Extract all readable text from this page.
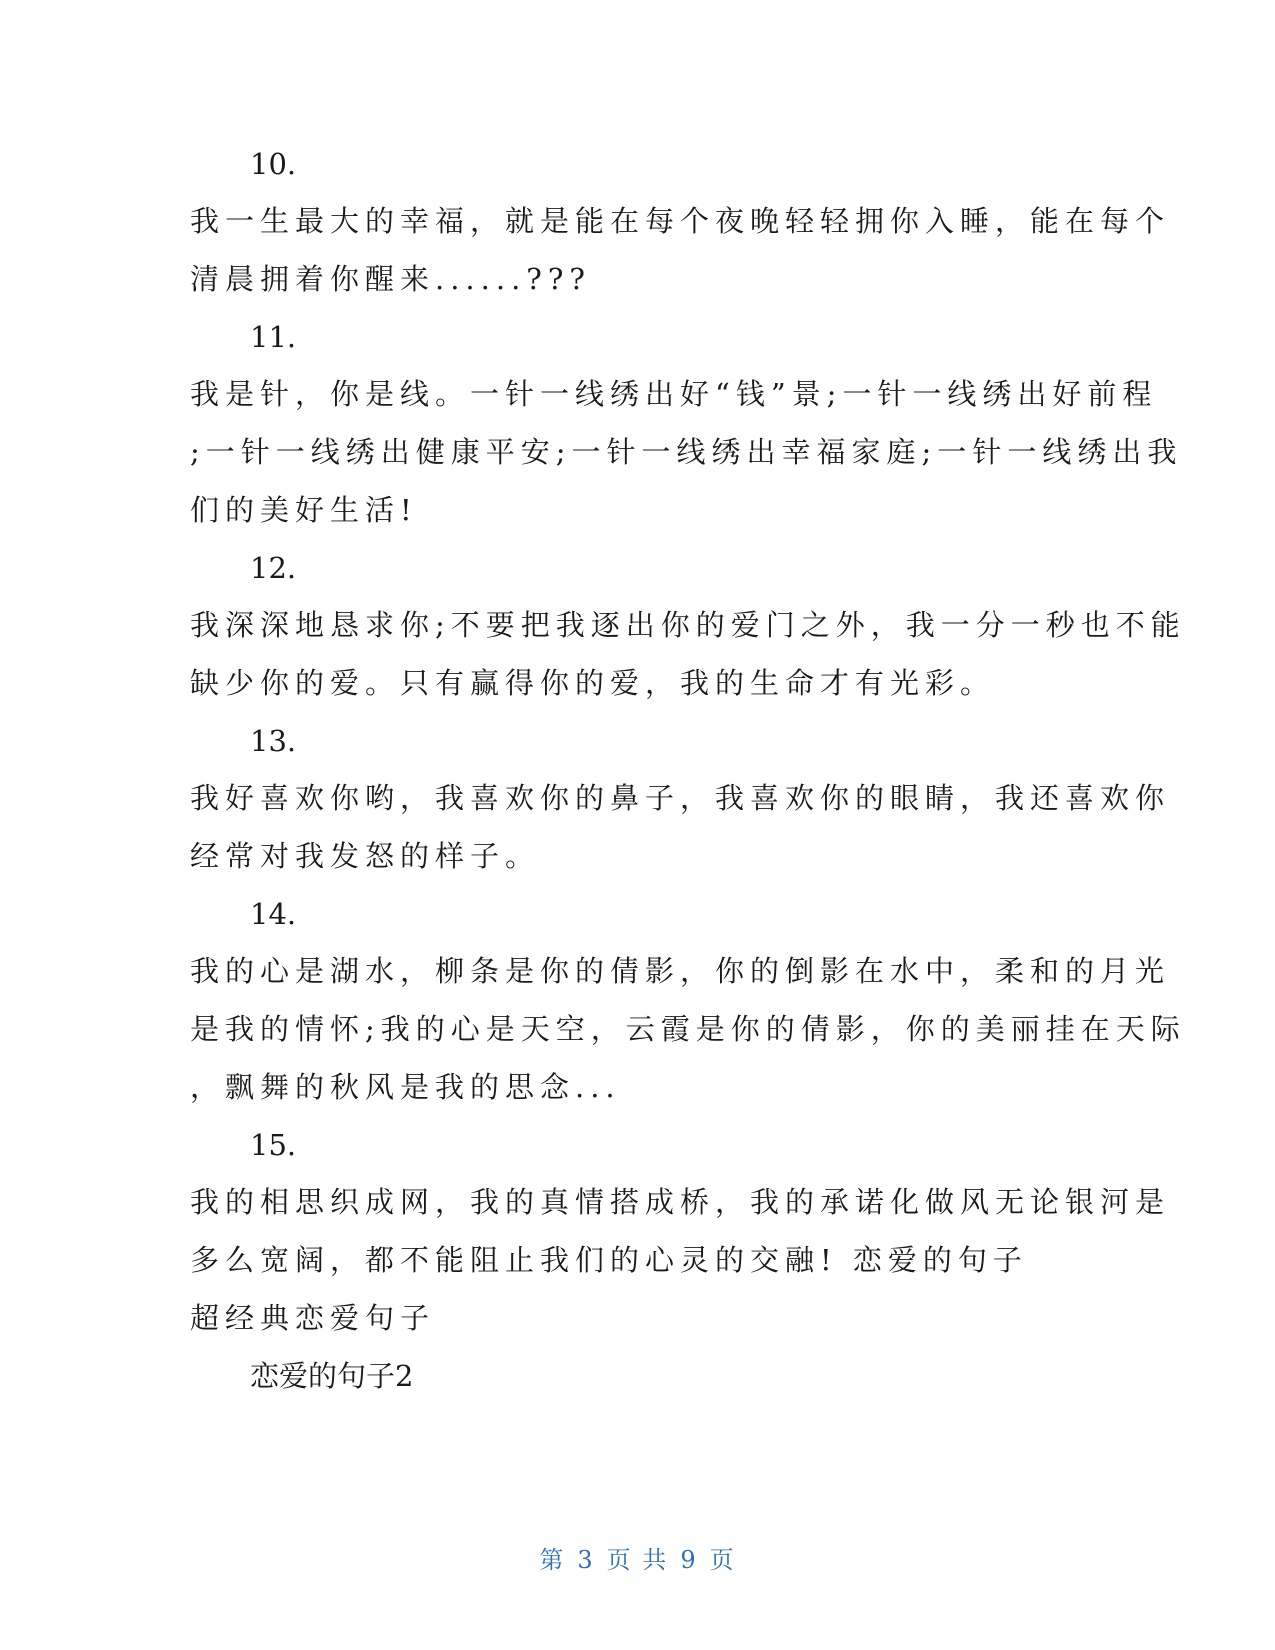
10.
我一生最大的幸福，就是能在每个夜晚轻轻拥你入睡，能在每个
清晨拥着你醒来......???
11.
我是针，你是线。一针一线绣出好“钱”景;一针一线绣出好前程
;一针一线绣出健康平安;一针一线绣出幸福家庭;一针一线绣出我
们的美好生活!
12.
我深深地恳求你;不要把我逐出你的爱门之外，我一分一秒也不能
缺少你的爱。只有赢得你的爱，我的生命才有光彩。
13.
我好喜欢你哟，我喜欢你的鼻子，我喜欢你的眼睛，我还喜欢你
经常对我发怒的样子。
14.
我的心是湖水，柳条是你的倩影，你的倒影在水中，柔和的月光
是我的情怀;我的心是天空，云霞是你的倩影，你的美丽挂在天际
，飘舞的秋风是我的思念...
15.
我的相思织成网，我的真情搭成桥，我的承诺化做风无论银河是
多么宽阔，都不能阻止我们的心灵的交融! 恋爱的句子
超经典恋爱句子
恋爱的句子2
第 3 页 共 9 页
